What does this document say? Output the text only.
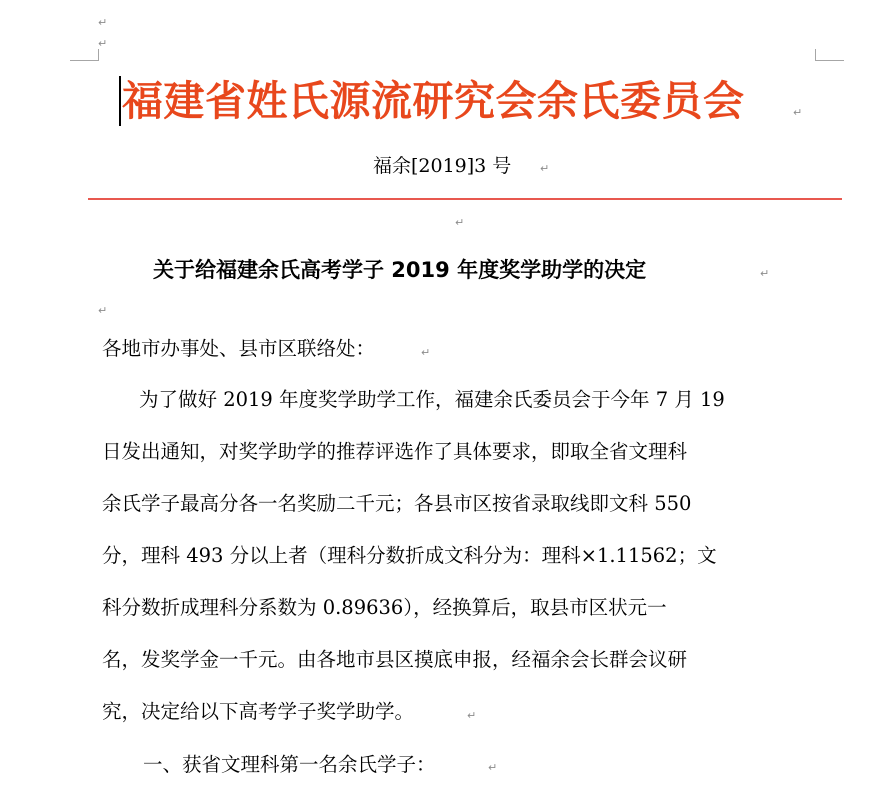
↵
↵
福建省姓氏源流研究会余氏委员会	↵
福余[2019]3 号	↵
↵
关于给福建余氏高考学子 2019 年度奖学助学的决定	↵
↵
各地市办事处、县市区联络处：	↵
为了做好 2019 年度奖学助学工作，福建余氏委员会于今年 7 月 19
日发出通知，对奖学助学的推荐评选作了具体要求，即取全省文理科
余氏学子最高分各一名奖励二千元；各县市区按省录取线即文科 550
分，理科 493 分以上者（理科分数折成文科分为：理科×1.11562；文
科分数折成理科分系数为 0.89636），经换算后，取县市区状元一
名，发奖学金一千元。由各地市县区摸底申报，经福余会长群会议研
究，决定给以下高考学子奖学助学。	↵
一、获省文理科第一名余氏学子：	↵
